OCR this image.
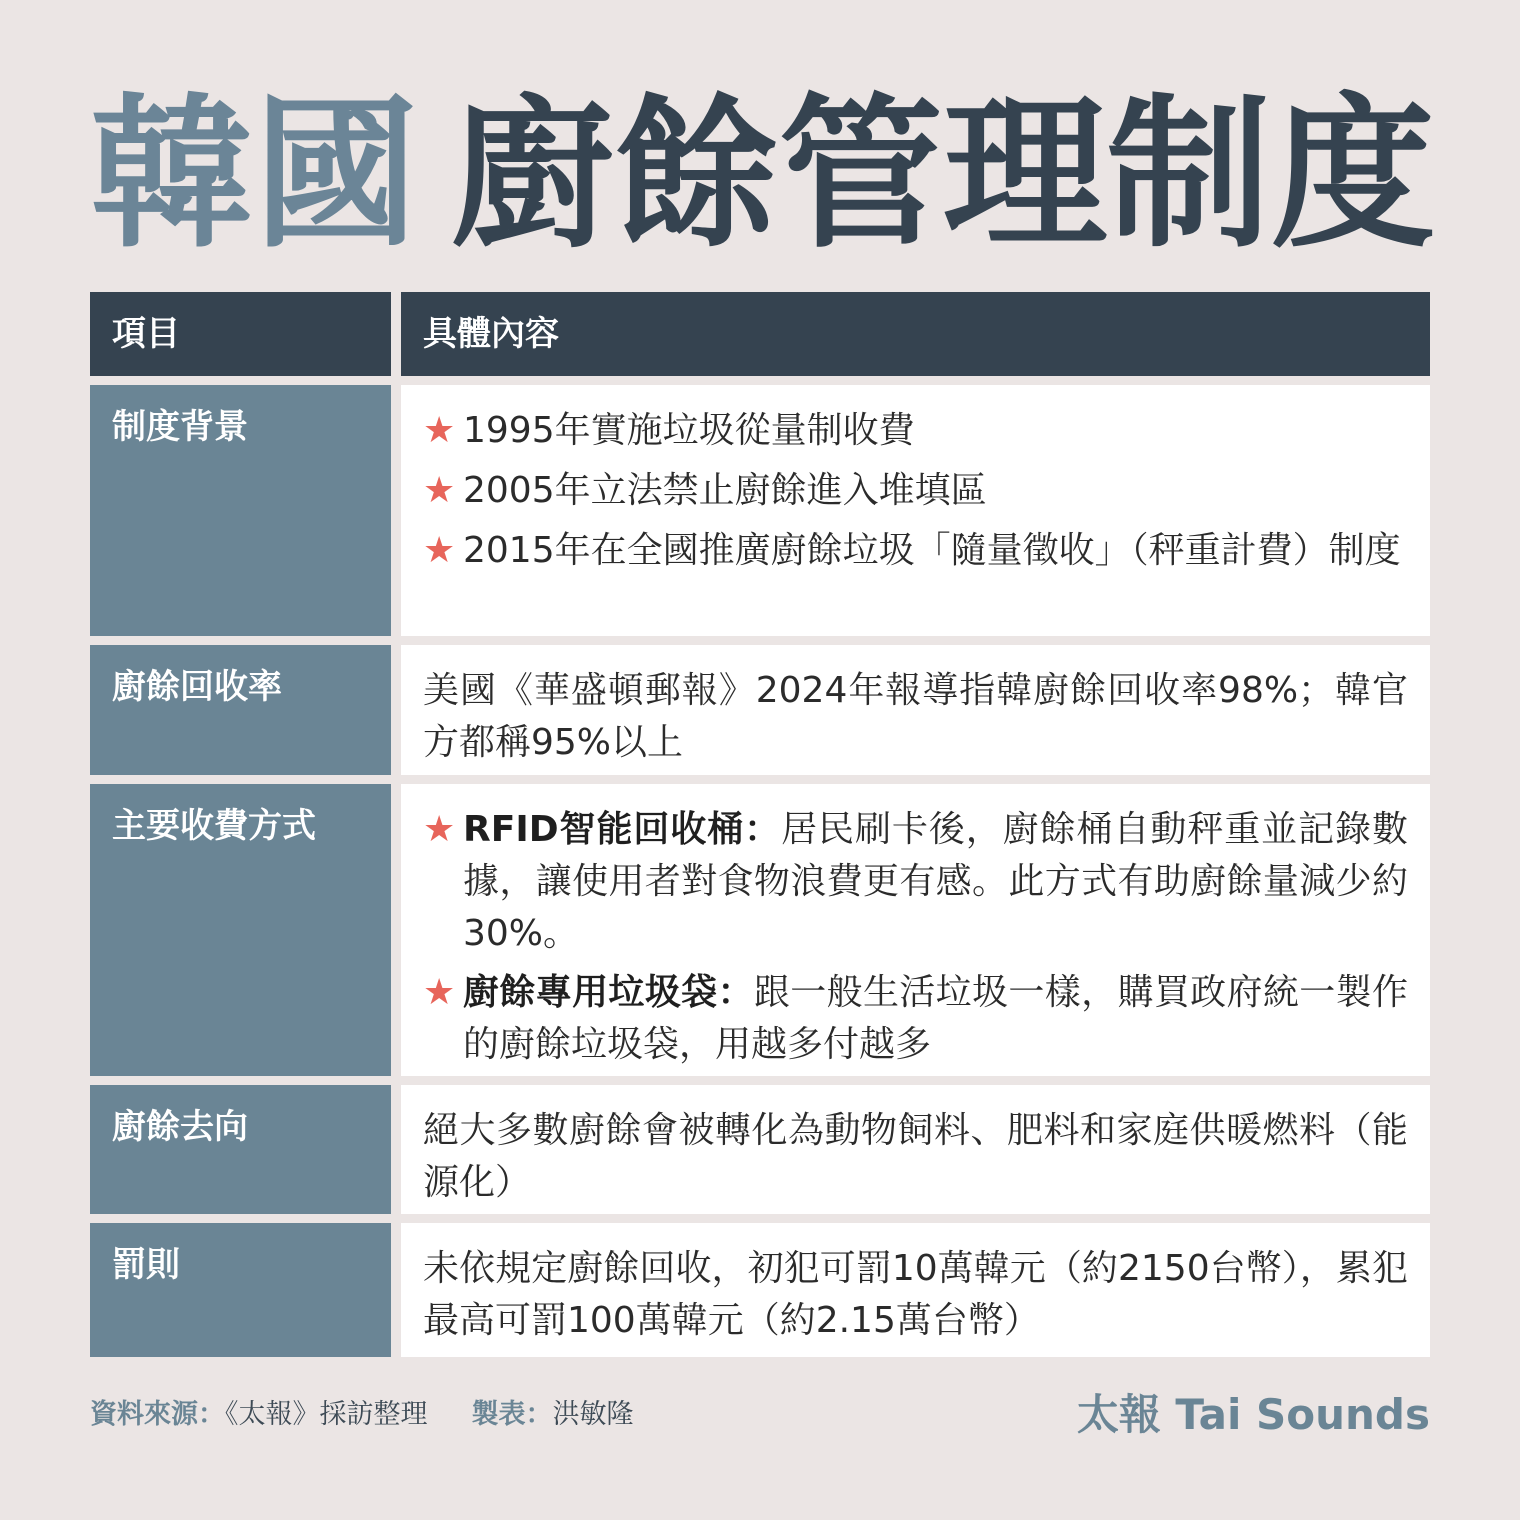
韓國 廚餘管理制度
項目	具體內容
制度背景	★ 1995年實施垃圾從量制收費
★ 2005年立法禁止廚餘進入堆填區
★ 2015年在全國推廣廚餘垃圾「隨量徵收」（秤重計費）制度
廚餘回收率	美國《華盛頓郵報》2024年報導指韓廚餘回收率98%；韓官方都稱95%以上
主要收費方式	★ RFID智能回收桶：居民刷卡後，廚餘桶自動秤重並記錄數據，讓使用者對食物浪費更有感。此方式有助廚餘量減少約30%。
★ 廚餘專用垃圾袋：跟一般生活垃圾一樣，購買政府統一製作的廚餘垃圾袋，用越多付越多
廚餘去向	絕大多數廚餘會被轉化為動物飼料、肥料和家庭供暖燃料（能源化）
罰則	未依規定廚餘回收，初犯可罰10萬韓元（約2150台幣），累犯最高可罰100萬韓元（約2.15萬台幣）
資料來源：《太報》採訪整理 製表：洪敏隆	太報 Tai Sounds
